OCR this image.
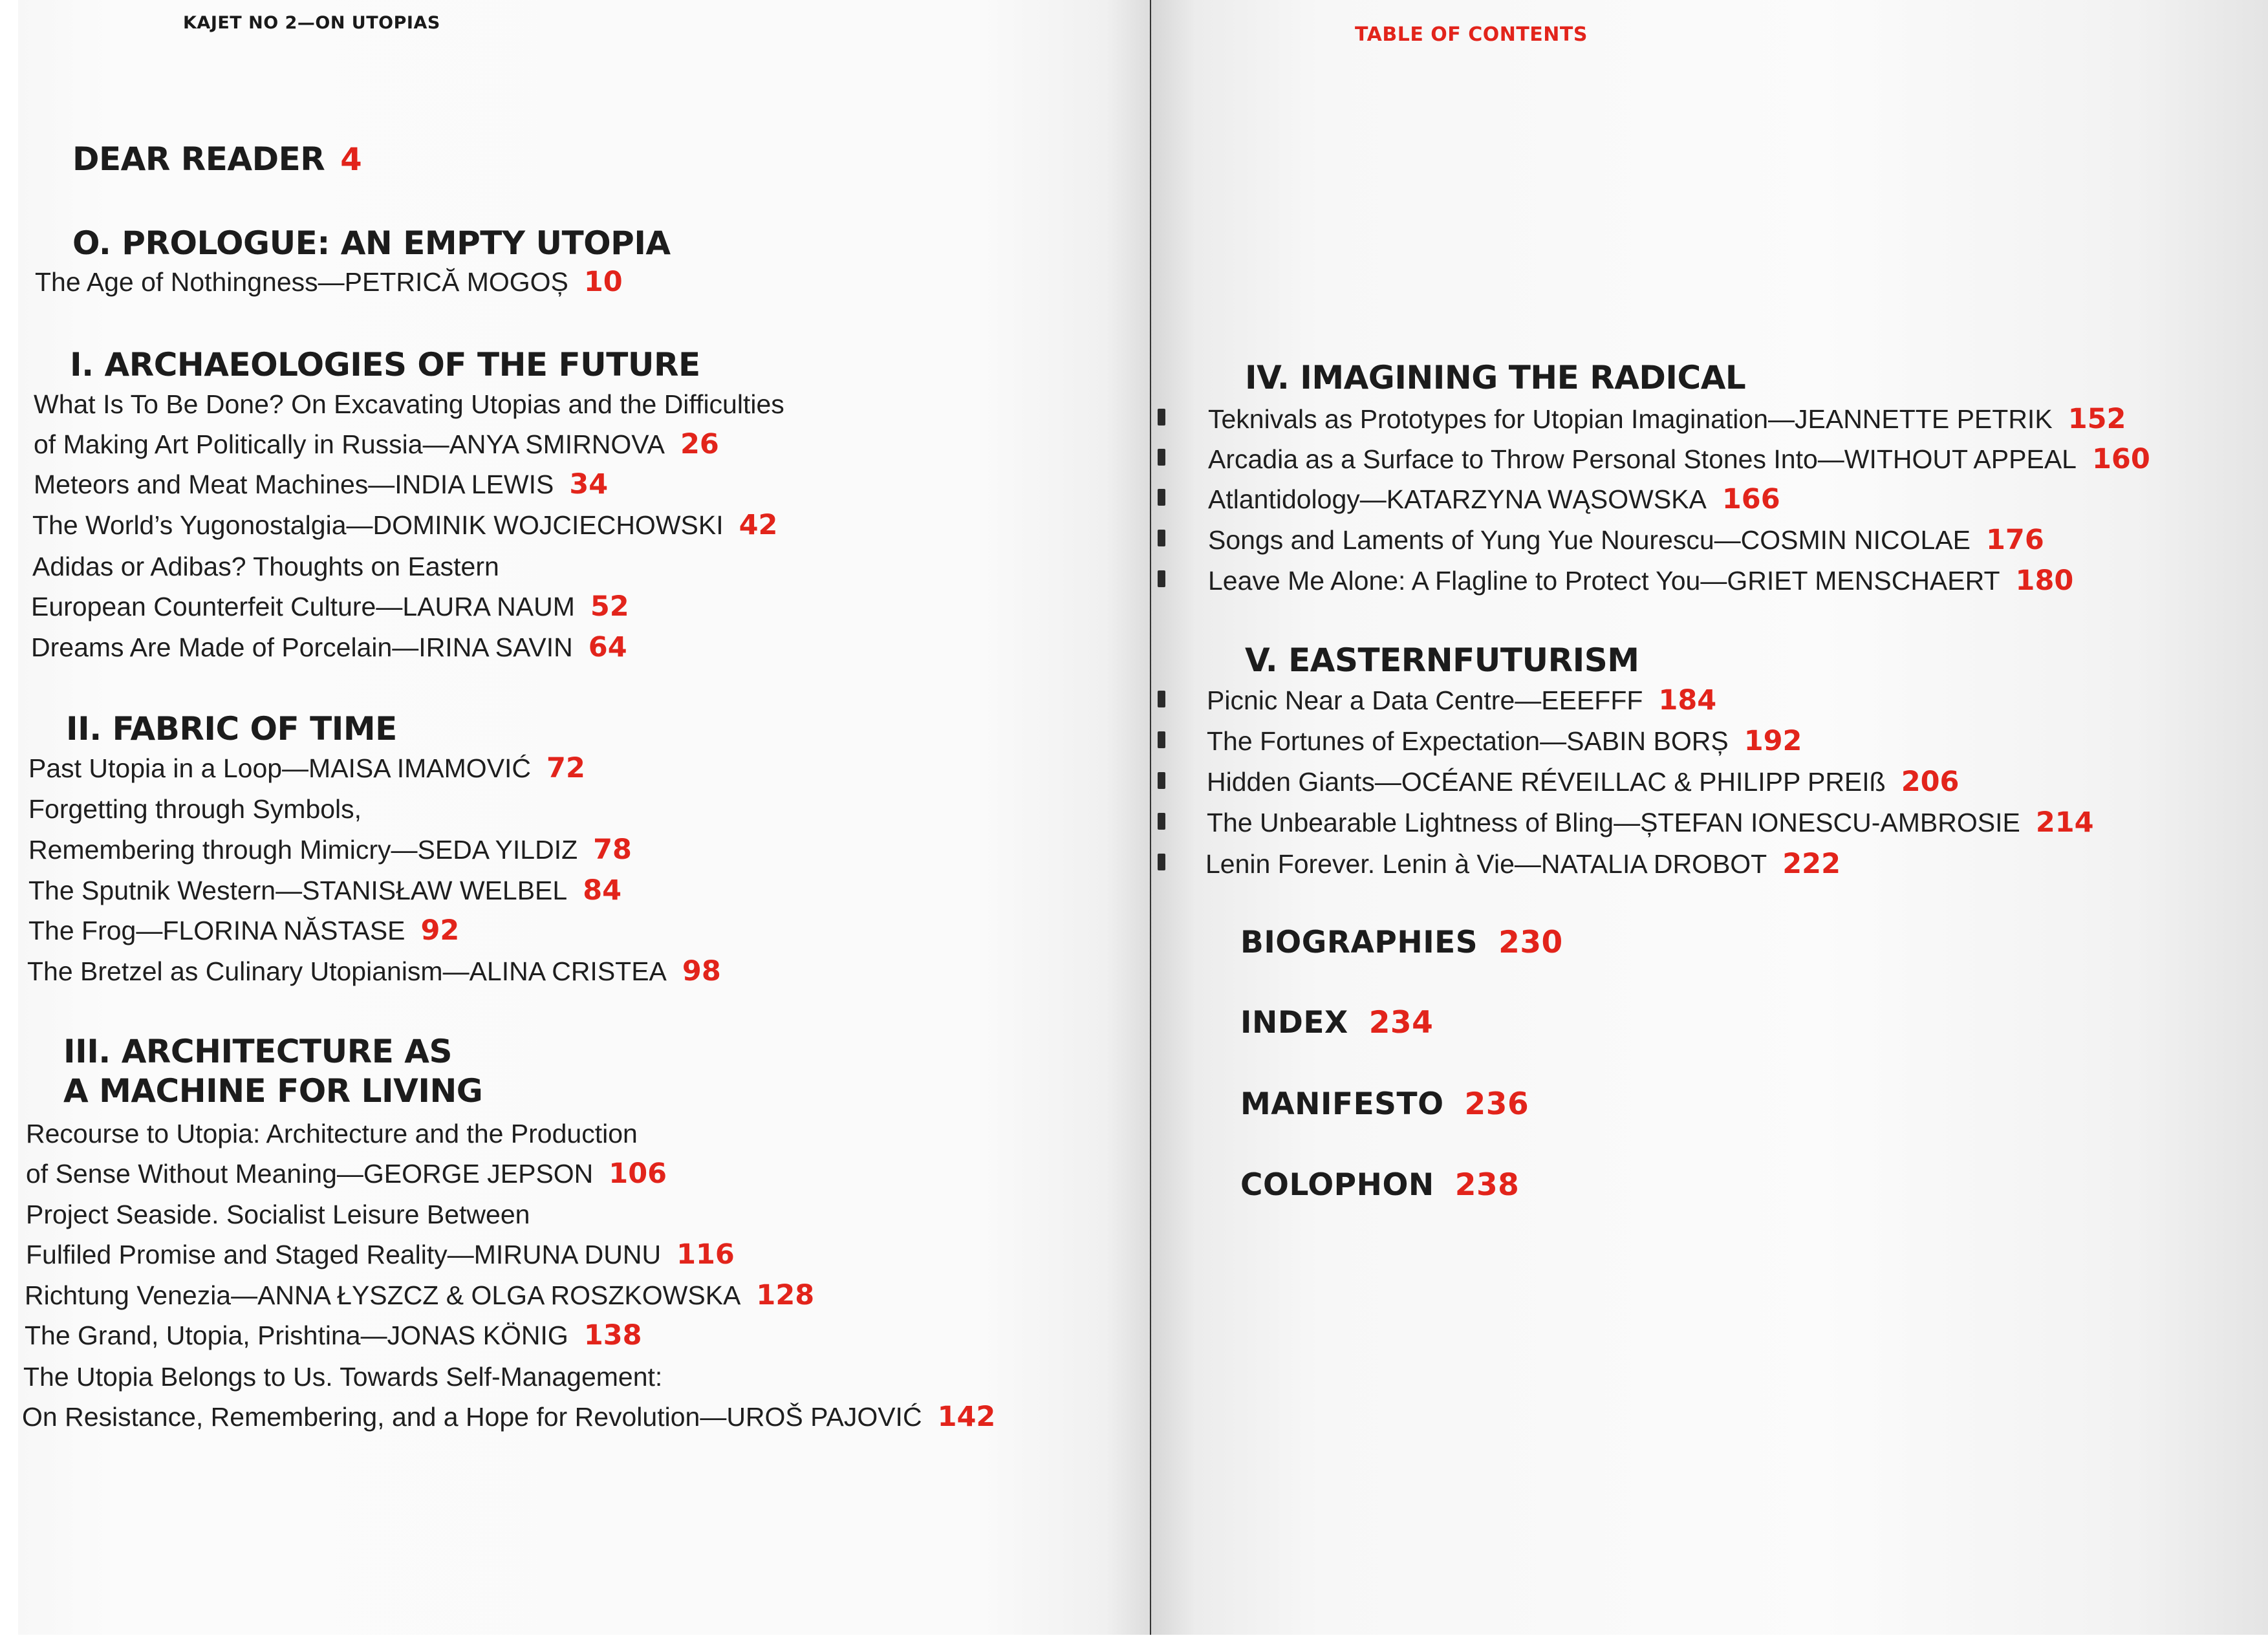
KAJET NO 2—ON UTOPIAS
DEAR READER 4
O. PROLOGUE: AN EMPTY UTOPIA
The Age of Nothingness—PETRICĂ MOGOȘ 10
I. ARCHAEOLOGIES OF THE FUTURE
What Is To Be Done? On Excavating Utopias and the Difficulties
of Making Art Politically in Russia—ANYA SMIRNOVA 26
Meteors and Meat Machines—INDIA LEWIS 34
The World’s Yugonostalgia—DOMINIK WOJCIECHOWSKI 42
Adidas or Adibas? Thoughts on Eastern
European Counterfeit Culture—LAURA NAUM 52
Dreams Are Made of Porcelain—IRINA SAVIN 64
II. FABRIC OF TIME
Past Utopia in a Loop—MAISA IMAMOVIĆ 72
Forgetting through Symbols,
Remembering through Mimicry—SEDA YILDIZ 78
The Sputnik Western—STANISŁAW WELBEL 84
The Frog—FLORINA NĂSTASE 92
The Bretzel as Culinary Utopianism—ALINA CRISTEA 98
III. ARCHITECTURE AS
A MACHINE FOR LIVING
Recourse to Utopia: Architecture and the Production
of Sense Without Meaning—GEORGE JEPSON 106
Project Seaside. Socialist Leisure Between
Fulfiled Promise and Staged Reality—MIRUNA DUNU 116
Richtung Venezia—ANNA ŁYSZCZ & OLGA ROSZKOWSKA 128
The Grand, Utopia, Prishtina—JONAS KÖNIG 138
The Utopia Belongs to Us. Towards Self-Management:
On Resistance, Remembering, and a Hope for Revolution—UROŠ PAJOVIĆ 142
TABLE OF CONTENTS
IV. IMAGINING THE RADICAL
Teknivals as Prototypes for Utopian Imagination—JEANNETTE PETRIK 152
Arcadia as a Surface to Throw Personal Stones Into—WITHOUT APPEAL 160
Atlantidology—KATARZYNA WĄSOWSKA 166
Songs and Laments of Yung Yue Nourescu—COSMIN NICOLAE 176
Leave Me Alone: A Flagline to Protect You—GRIET MENSCHAERT 180
V. EASTERNFUTURISM
Picnic Near a Data Centre—EEEFFF 184
The Fortunes of Expectation—SABIN BORȘ 192
Hidden Giants—OCÉANE RÉVEILLAC & PHILIPP PREIß 206
The Unbearable Lightness of Bling—ȘTEFAN IONESCU-AMBROSIE 214
Lenin Forever. Lenin à Vie—NATALIA DROBOT 222
BIOGRAPHIES 230
INDEX 234
MANIFESTO 236
COLOPHON 238
